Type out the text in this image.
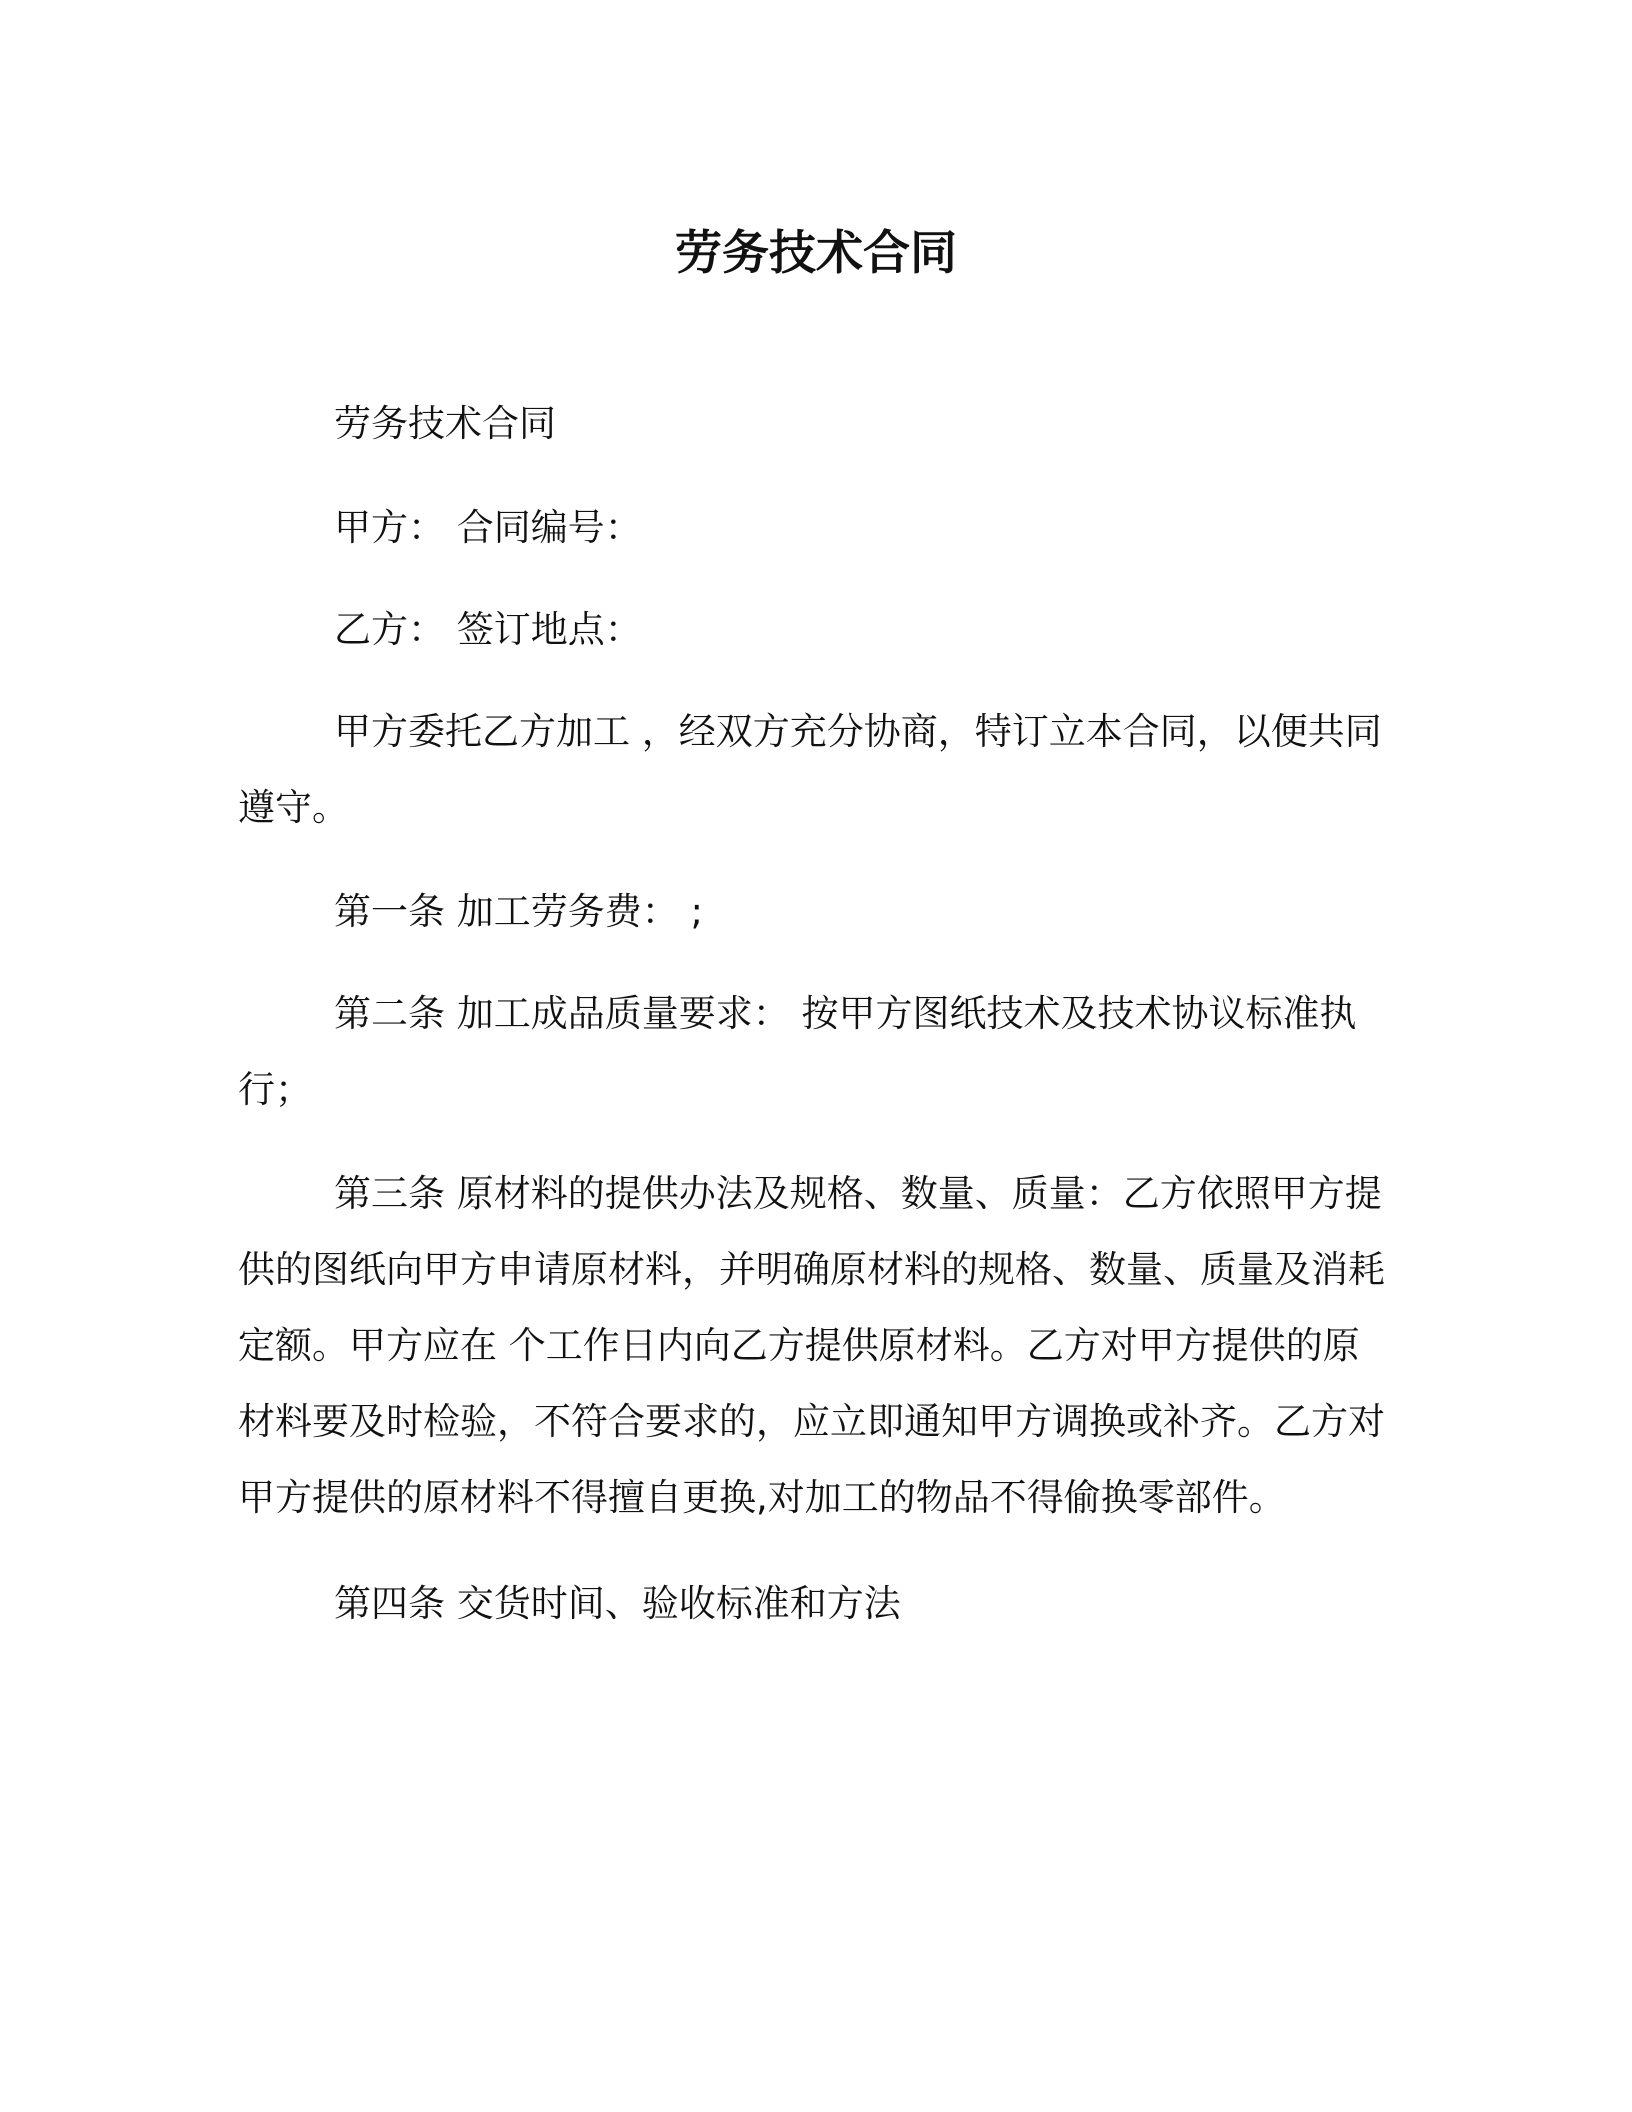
劳务技术合同
劳务技术合同
甲方： 合同编号：
乙方： 签订地点：
甲方委托乙方加工 ，经双方充分协商，特订立本合同，以便共同遵守。
第一条 加工劳务费： ;
第二条 加工成品质量要求： 按甲方图纸技术及技术协议标准执行；
第三条 原材料的提供办法及规格、数量、质量：乙方依照甲方提供的图纸向甲方申请原材料，并明确原材料的规格、数量、质量及消耗定额。甲方应在 个工作日内向乙方提供原材料。乙方对甲方提供的原材料要及时检验，不符合要求的，应立即通知甲方调换或补齐。乙方对甲方提供的原材料不得擅自更换,对加工的物品不得偷换零部件。
第四条 交货时间、验收标准和方法
